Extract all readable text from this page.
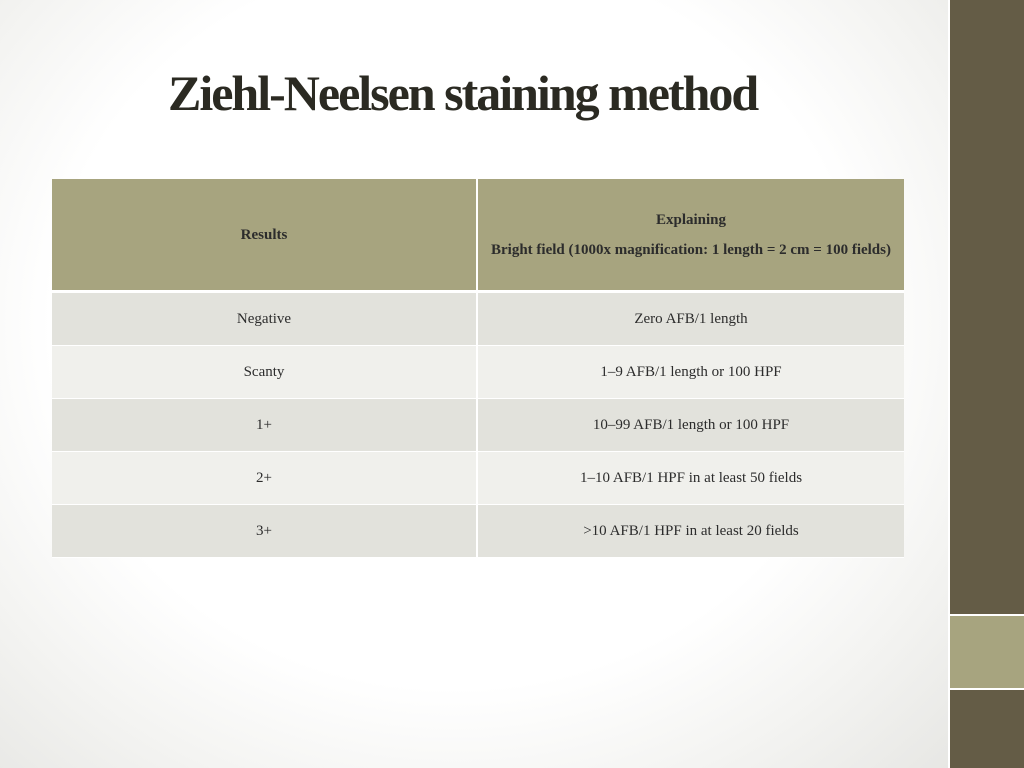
Ziehl-Neelsen staining method
Results	Explaining
Bright field (1000x magnification: 1 length = 2 cm = 100 fields)

Negative	Zero AFB/1 length
Scanty	1–9 AFB/1 length or 100 HPF
1+	10–99 AFB/1 length or 100 HPF
2+	1–10 AFB/1 HPF in at least 50 fields
3+	>10 AFB/1 HPF in at least 20 fields
